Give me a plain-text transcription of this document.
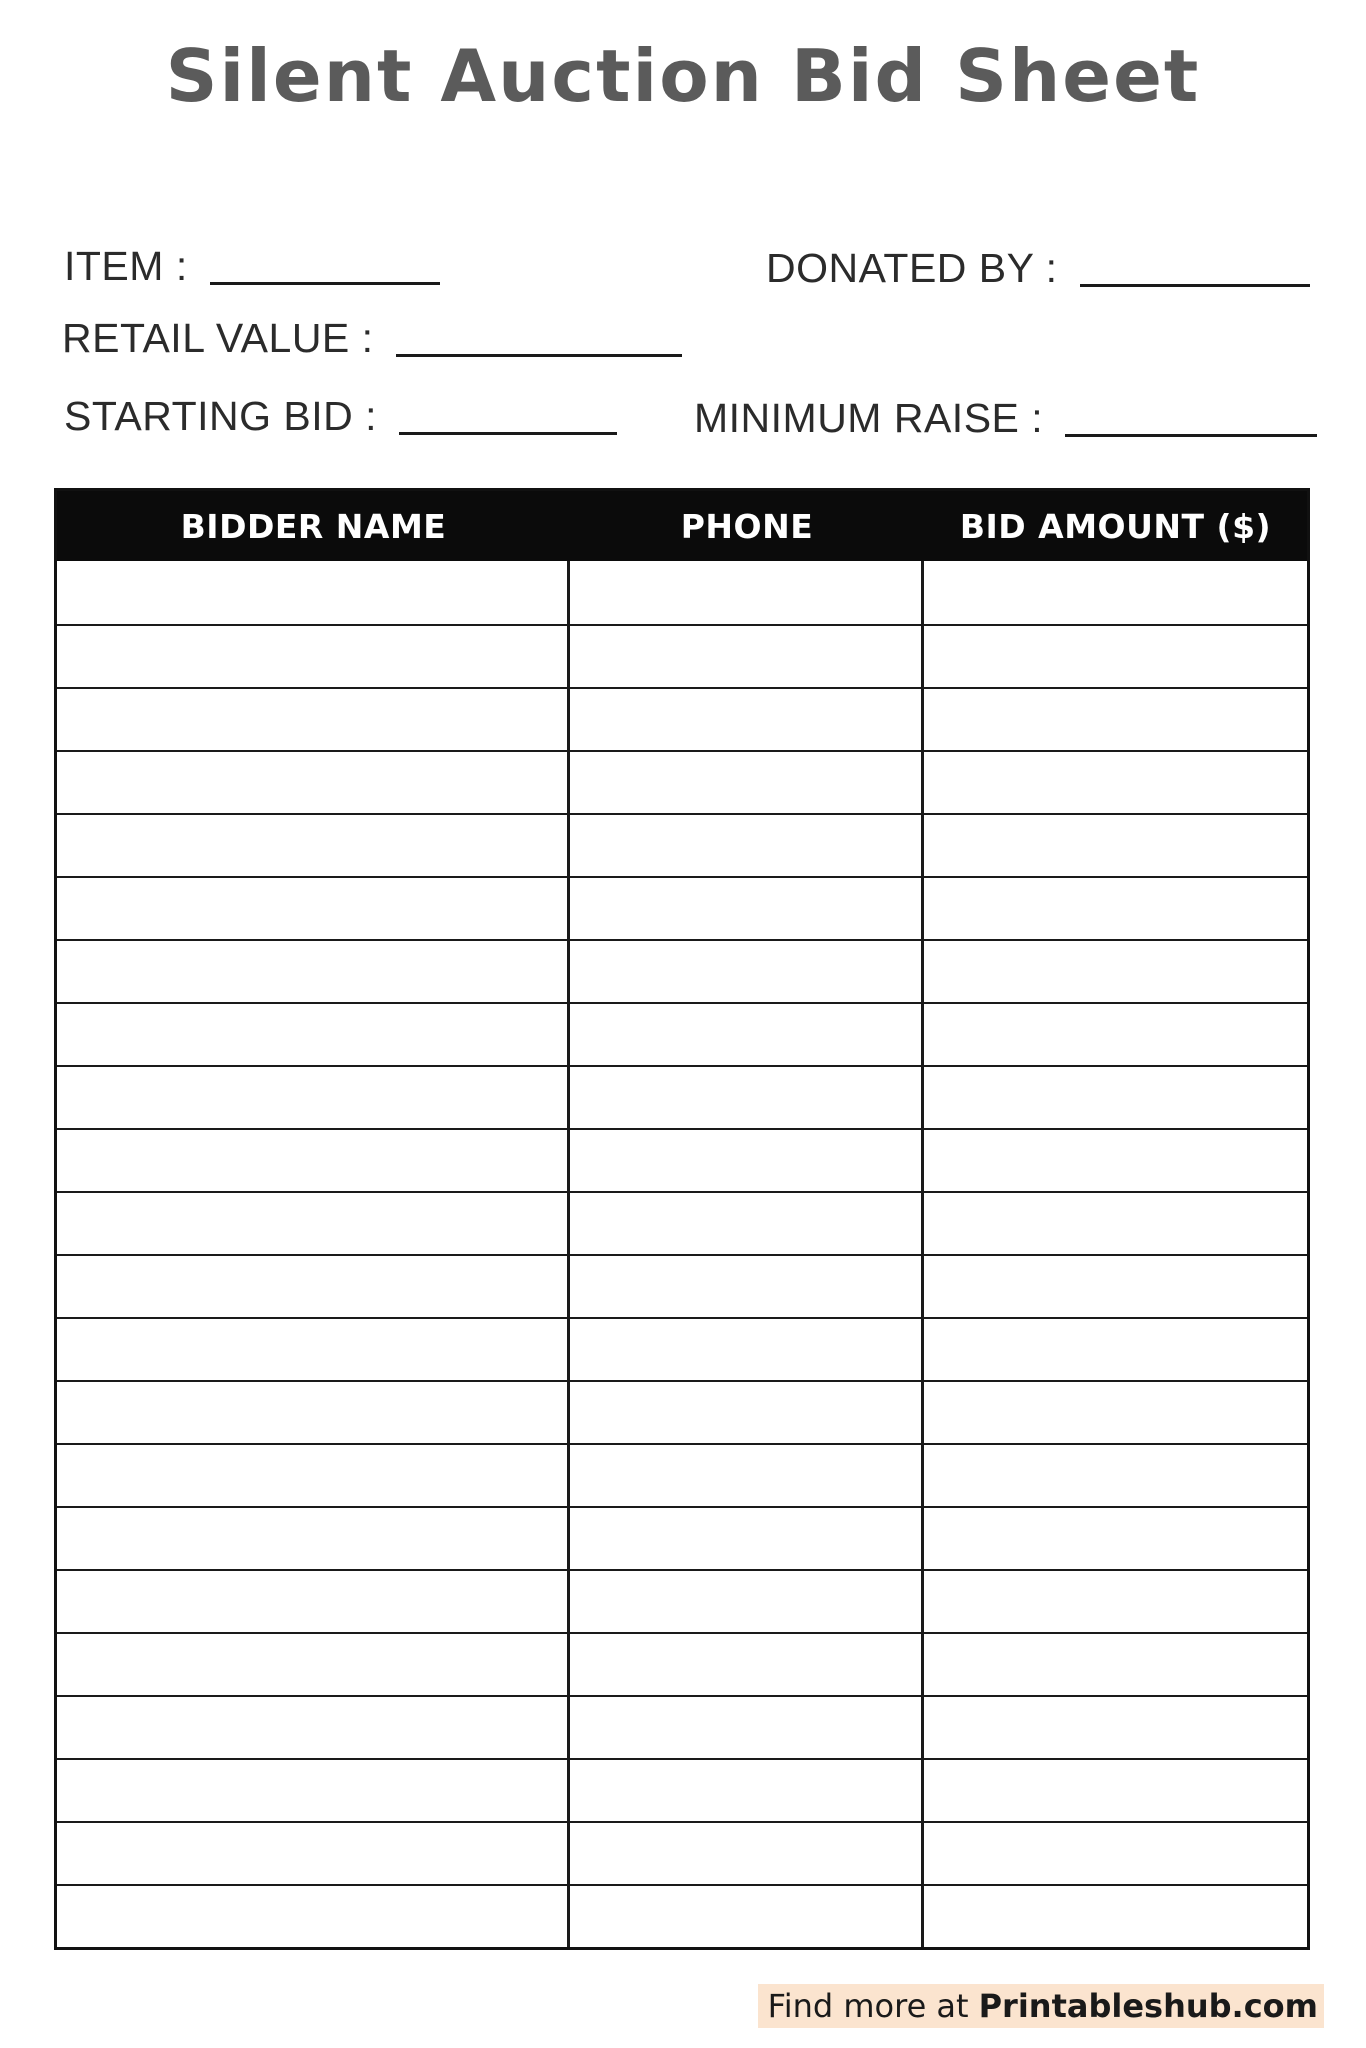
Silent Auction Bid Sheet
ITEM :	DONATED BY :
RETAIL VALUE :
STARTING BID :	MINIMUM RAISE :
BIDDER NAME	PHONE	BID AMOUNT ($)
Find more at Printableshub.com
